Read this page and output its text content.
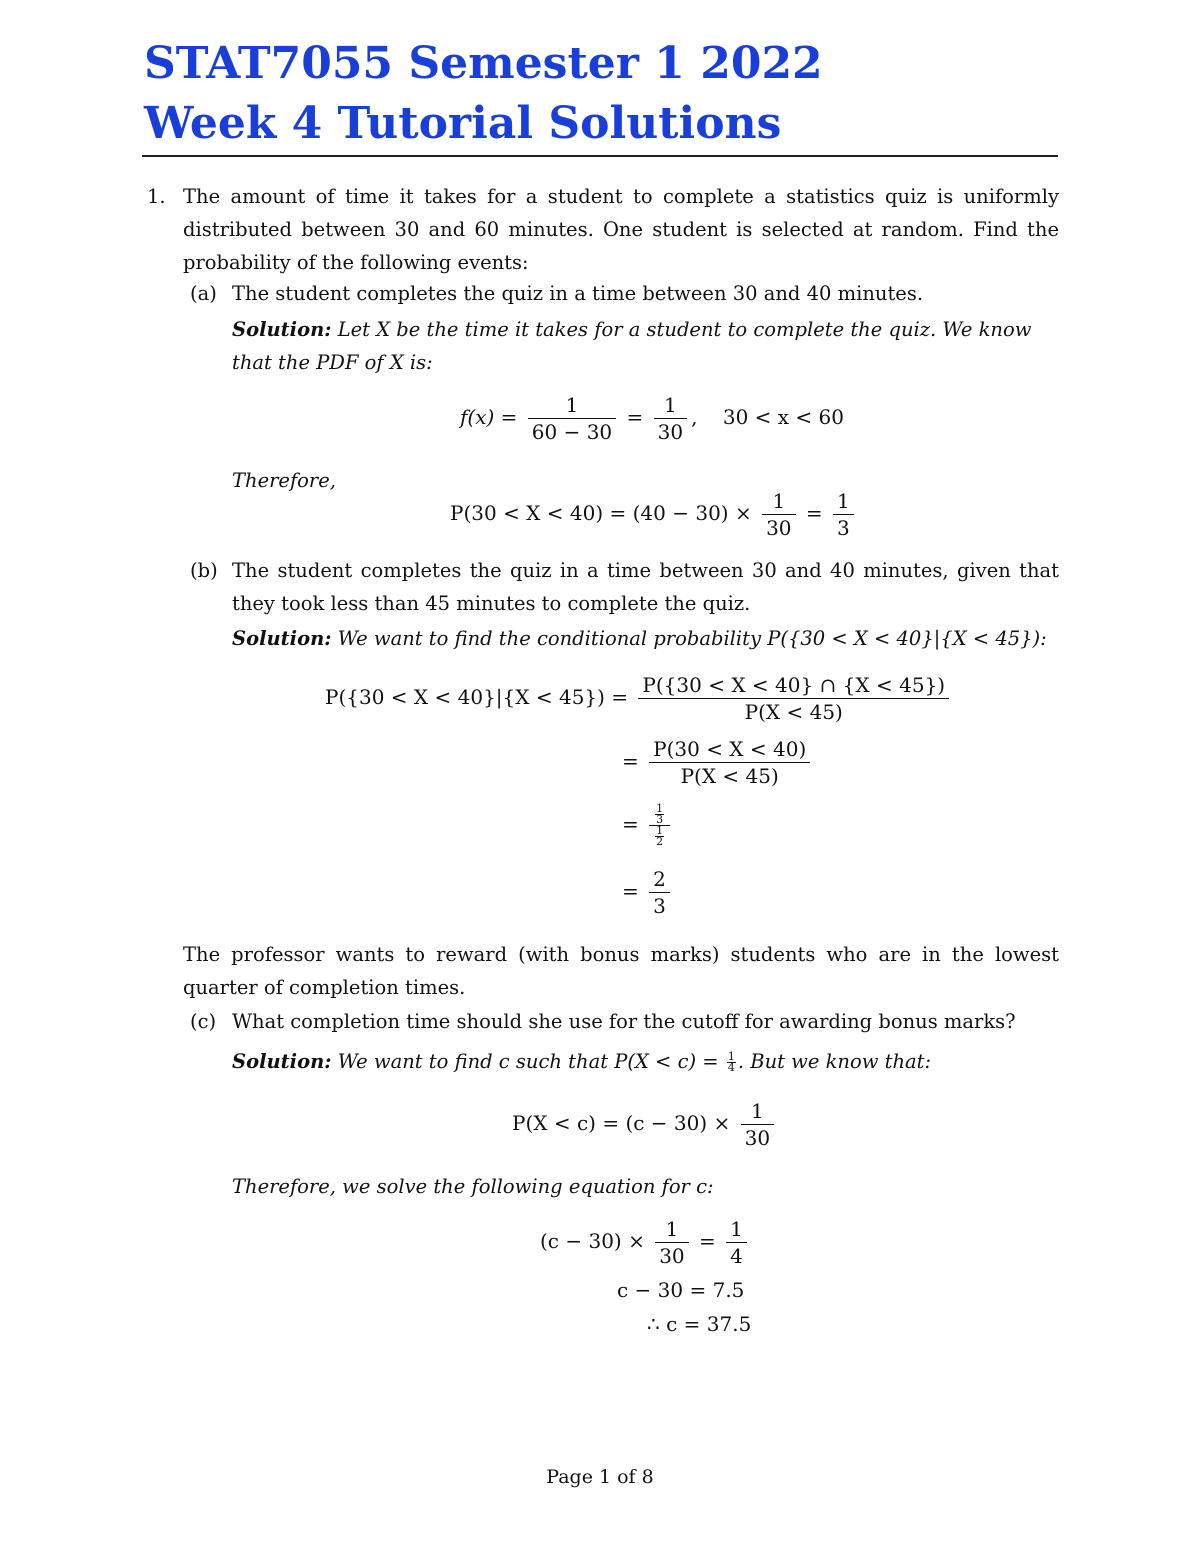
STAT7055 Semester 1 2022
Week 4 Tutorial Solutions
1. The amount of time it takes for a student to complete a statistics quiz is uniformly distributed between 30 and 60 minutes. One student is selected at random. Find the probability of the following events:
(a) The student completes the quiz in a time between 30 and 40 minutes.
Solution: Let X be the time it takes for a student to complete the quiz. We know that the PDF of X is:
$f(x) = \frac{1}{60 - 30} = \frac{1}{30}$ ,    30 < x < 60
Therefore,
$P(30 < X < 40) = (40 - 30) \times \frac{1}{30} = \frac{1}{3}$
(b) The student completes the quiz in a time between 30 and 40 minutes, given that they took less than 45 minutes to complete the quiz.
Solution: We want to find the conditional probability P({30 < X < 40}|{X < 45}):
$P(\{30 < X < 40\}|\{X < 45\}) = \frac{P(\{30 < X < 40\} \cap \{X < 45\})}{P(X < 45)}$
= $\frac{P(30 < X < 40)}{P(X < 45)}$
= $\frac{\frac{1}{3}}{\frac{1}{2}}$
= $\frac{2}{3}$
The professor wants to reward (with bonus marks) students who are in the lowest quarter of completion times.
(c) What completion time should she use for the cutoff for awarding bonus marks?
Solution: We want to find c such that $P(X < c) = \frac{1}{4}$ . But we know that:
$P(X < c) = (c - 30) \times \frac{1}{30}$
Therefore, we solve the following equation for c:
$(c - 30) \times \frac{1}{30} = \frac{1}{4}$
c − 30 = 7.5
∴ c = 37.5
Page 1 of 8
